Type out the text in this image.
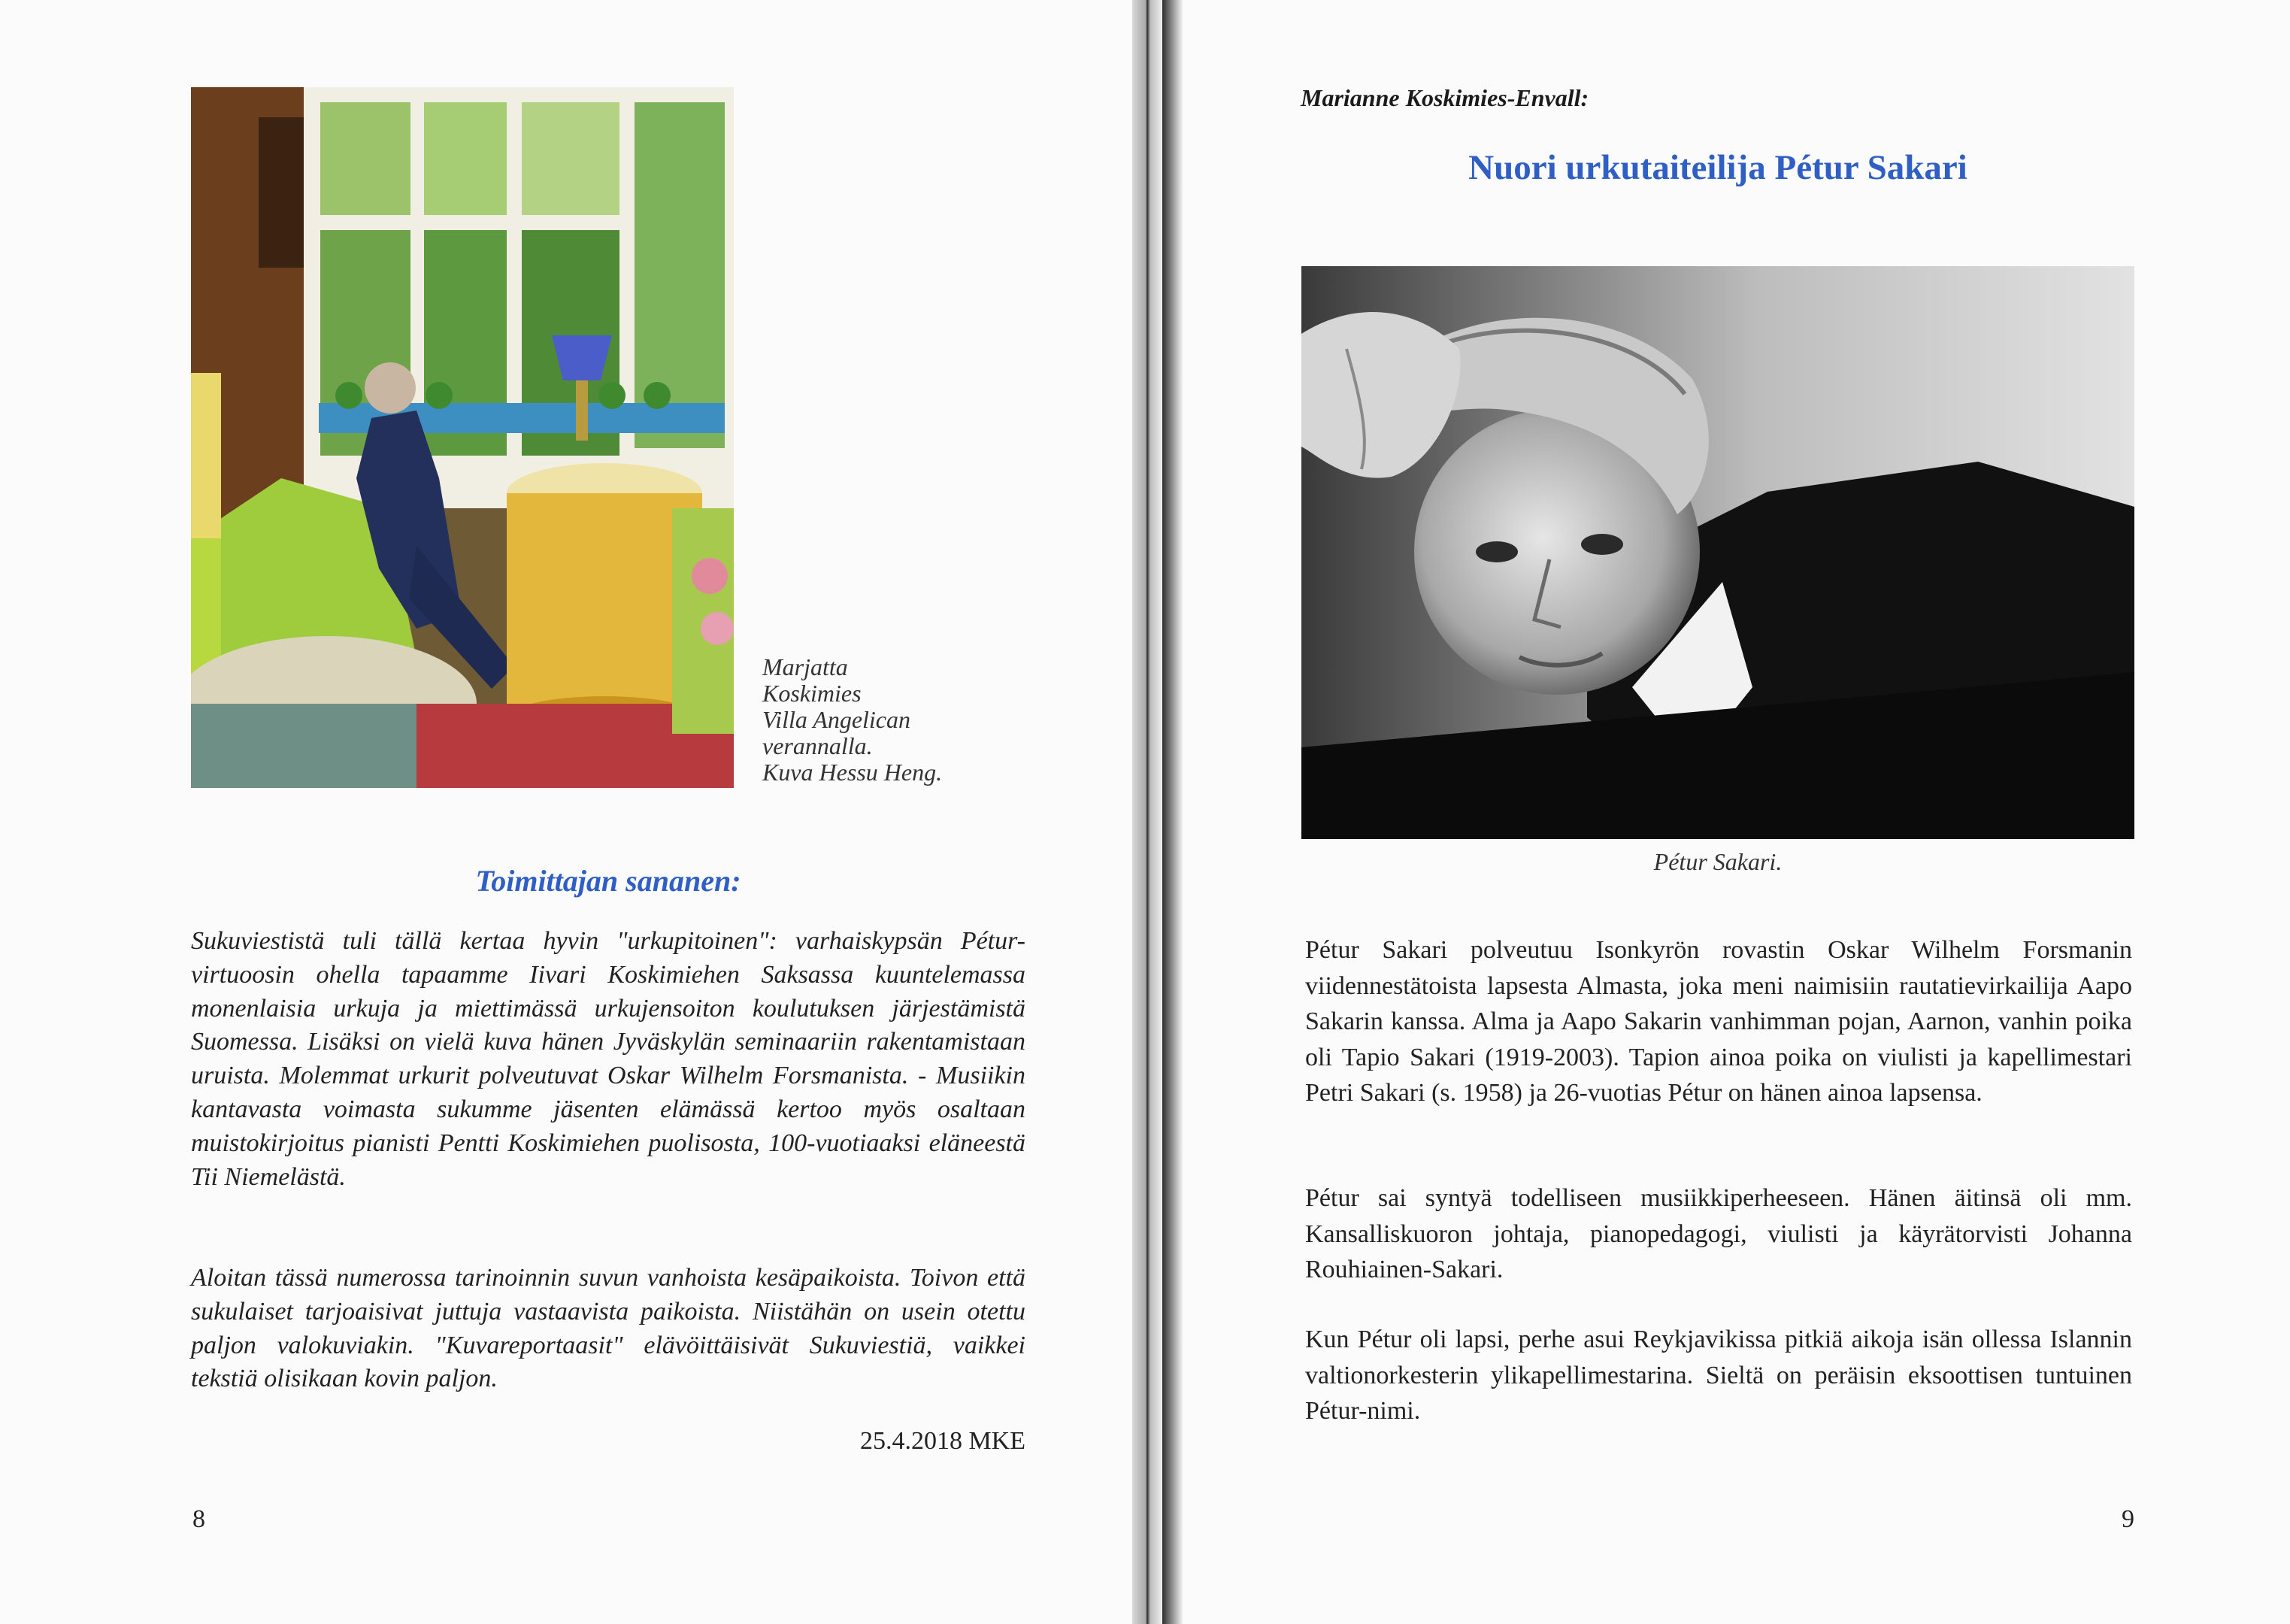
Marjatta
Koskimies
Villa Angelican
verannalla.
Kuva Hessu Heng.
Toimittajan sananen:

Sukuviestistä tuli tällä kertaa hyvin "urkupitoinen": varhaiskypsän Pétur-virtuoosin ohella tapaamme Iivari Koskimiehen Saksassa kuuntelemassa monenlaisia urkuja ja miettimässä urkujensoiton koulutuksen järjestämistä Suomessa. Lisäksi on vielä kuva hänen Jyväskylän seminaariin rakentamistaan uruista. Molemmat urkurit polveutuvat Oskar Wilhelm Forsmanista. - Musiikin kantavasta voimasta sukumme jäsenten elämässä kertoo myös osaltaan muistokirjoitus pianisti Pentti Koskimiehen puolisosta, 100-vuotiaaksi eläneestä Tii Niemelästä.

Aloitan tässä numerossa tarinoinnin suvun vanhoista kesäpaikoista. Toivon että sukulaiset tarjoaisivat juttuja vastaavista paikoista. Niistähän on usein otettu paljon valokuviakin. "Kuvareportaasit" elävöittäisivät Sukuviestiä, vaikkei tekstiä olisikaan kovin paljon.

25.4.2018 MKE
8
Marianne Koskimies-Envall:
Nuori urkutaiteilija Pétur Sakari
Pétur Sakari.

Pétur Sakari polveutuu Isonkyrön rovastin Oskar Wilhelm Forsmanin viidennestätoista lapsesta Almasta, joka meni naimisiin rautatievirkailija Aapo Sakarin kanssa. Alma ja Aapo Sakarin vanhimman pojan, Aarnon, vanhin poika oli Tapio Sakari (1919-2003). Tapion ainoa poika on viulisti ja kapellimestari Petri Sakari (s. 1958) ja 26-vuotias Pétur on hänen ainoa lapsensa.

Pétur sai syntyä todelliseen musiikkiperheeseen. Hänen äitinsä oli mm. Kansalliskuoron johtaja, pianopedagogi, viulisti ja käyrätorvisti Johanna Rouhiainen-Sakari.

Kun Pétur oli lapsi, perhe asui Reykjavikissa pitkiä aikoja isän ollessa Islannin valtionorkesterin ylikapellimestarina. Sieltä on peräisin eksoottisen tuntuinen Pétur-nimi.

9
